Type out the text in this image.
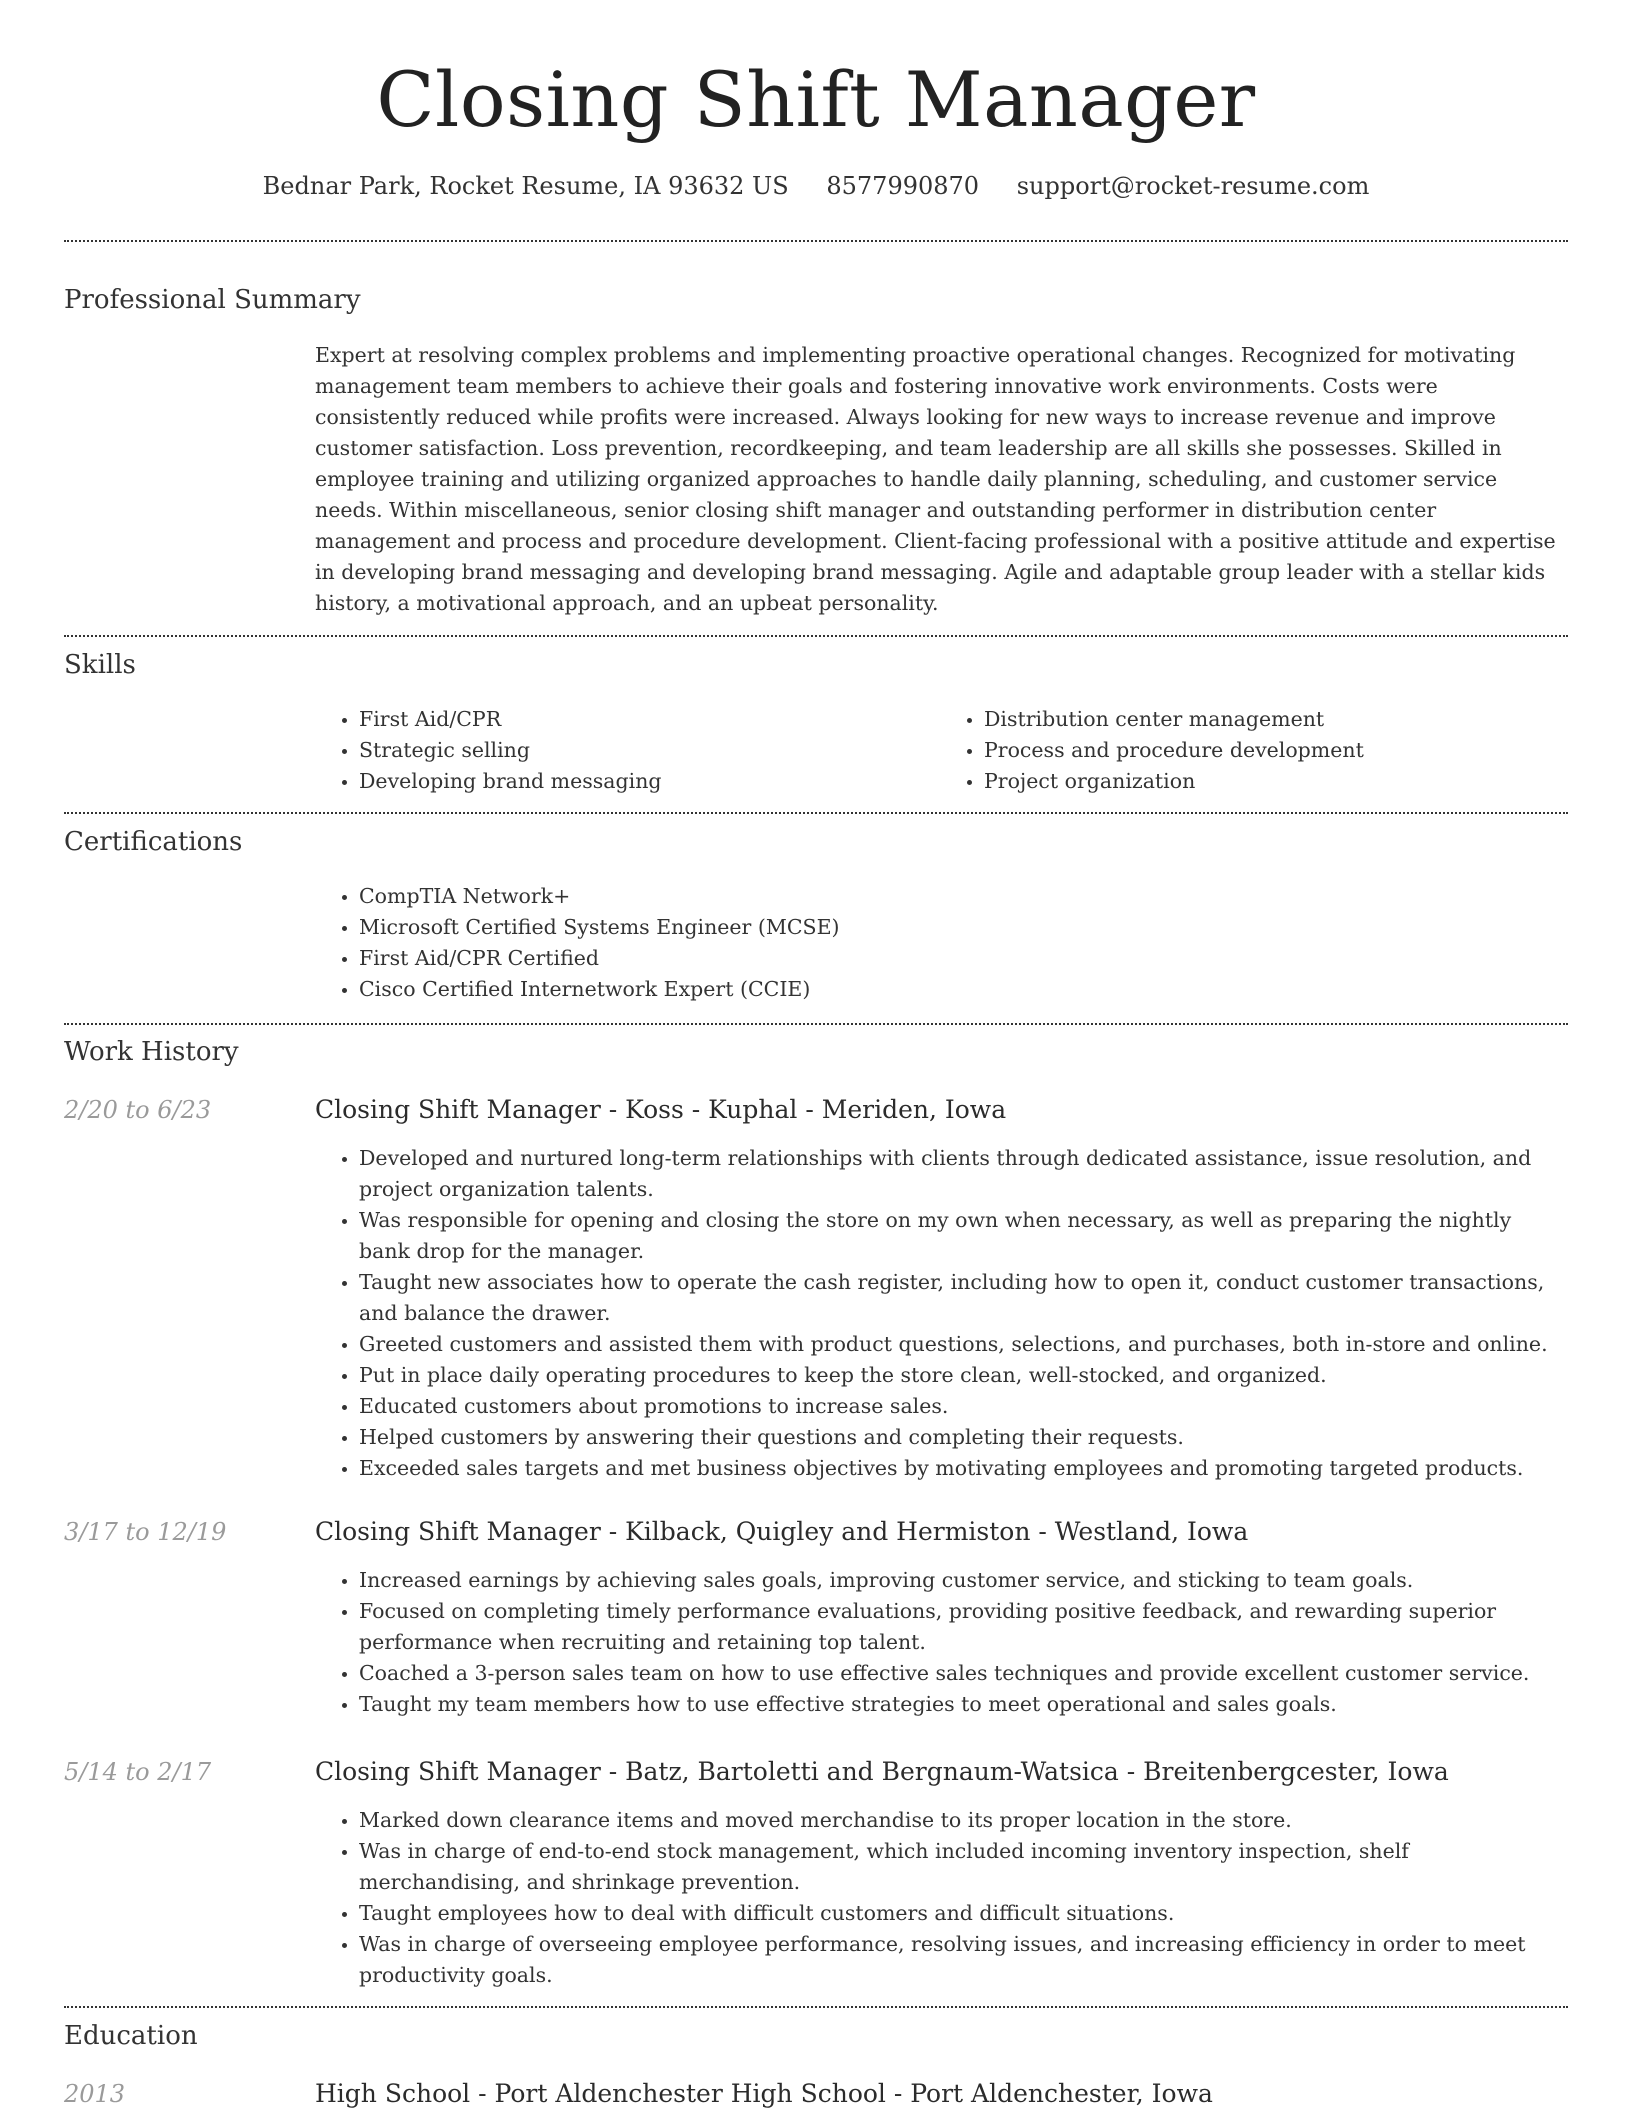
Closing Shift Manager
Bednar Park, Rocket Resume, IA 93632 US 8577990870 support@rocket-resume.com
Professional Summary

Expert at resolving complex problems and implementing proactive operational changes. Recognized for motivating management team members to achieve their goals and fostering innovative work environments. Costs were consistently reduced while profits were increased. Always looking for new ways to increase revenue and improve customer satisfaction. Loss prevention, recordkeeping, and team leadership are all skills she possesses. Skilled in employee training and utilizing organized approaches to handle daily planning, scheduling, and customer service needs. Within miscellaneous, senior closing shift manager and outstanding performer in distribution center management and process and procedure development. Client-facing professional with a positive attitude and expertise in developing brand messaging and developing brand messaging. Agile and adaptable group leader with a stellar kids history, a motivational approach, and an upbeat personality.

Skills
• First Aid/CPR
• Strategic selling
• Developing brand messaging
• Distribution center management
• Process and procedure development
• Project organization
Certifications
• CompTIA Network+
• Microsoft Certified Systems Engineer (MCSE)
• First Aid/CPR Certified
• Cisco Certified Internetwork Expert (CCIE)
Work History
2/20 to 6/23	Closing Shift Manager - Koss - Kuphal - Meriden, Iowa
• Developed and nurtured long-term relationships with clients through dedicated assistance, issue resolution, and project organization talents.
• Was responsible for opening and closing the store on my own when necessary, as well as preparing the nightly bank drop for the manager.
• Taught new associates how to operate the cash register, including how to open it, conduct customer transactions, and balance the drawer.
• Greeted customers and assisted them with product questions, selections, and purchases, both in-store and online.
• Put in place daily operating procedures to keep the store clean, well-stocked, and organized.
• Educated customers about promotions to increase sales.
• Helped customers by answering their questions and completing their requests.
• Exceeded sales targets and met business objectives by motivating employees and promoting targeted products.
3/17 to 12/19	Closing Shift Manager - Kilback, Quigley and Hermiston - Westland, Iowa
• Increased earnings by achieving sales goals, improving customer service, and sticking to team goals.
• Focused on completing timely performance evaluations, providing positive feedback, and rewarding superior performance when recruiting and retaining top talent.
• Coached a 3-person sales team on how to use effective sales techniques and provide excellent customer service.
• Taught my team members how to use effective strategies to meet operational and sales goals.
5/14 to 2/17	Closing Shift Manager - Batz, Bartoletti and Bergnaum-Watsica - Breitenbergcester, Iowa
• Marked down clearance items and moved merchandise to its proper location in the store.
• Was in charge of end-to-end stock management, which included incoming inventory inspection, shelf merchandising, and shrinkage prevention.
• Taught employees how to deal with difficult customers and difficult situations.
• Was in charge of overseeing employee performance, resolving issues, and increasing efficiency in order to meet productivity goals.
Education
2013	High School - Port Aldenchester High School - Port Aldenchester, Iowa
